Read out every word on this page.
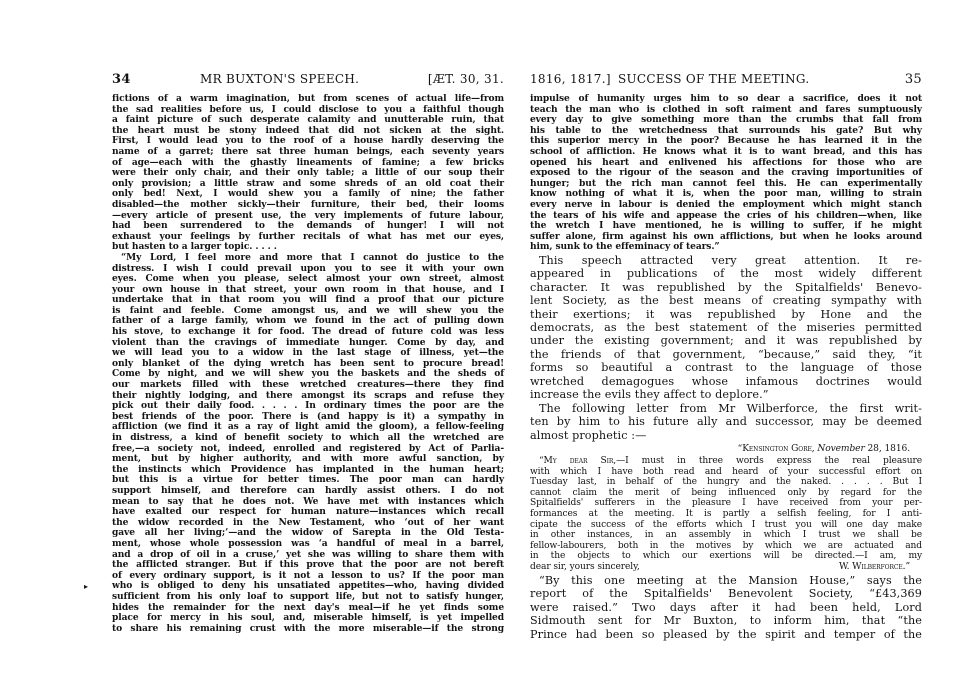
34	MR BUXTON'S SPEECH.	[ÆT. 30, 31.
fictions of a warm imagination, but from scenes of actual life—from
the sad realities before us, I could disclose to you a faithful though
a faint picture of such desperate calamity and unutterable ruin, that
the heart must be stony indeed that did not sicken at the sight.
First, I would lead you to the roof of a house hardly deserving the
name of a garret; there sat three human beings, each seventy years
of age—each with the ghastly lineaments of famine; a few bricks
were their only chair, and their only table; a little of our soup their
only provision; a little straw and some shreds of an old coat their
only bed! Next, I would shew you a family of nine; the father
disabled—the mother sickly—their furniture, their bed, their looms
—every article of present use, the very implements of future labour,
had been surrendered to the demands of hunger! I will not
exhaust your feelings by further recitals of what has met our eyes,
but hasten to a larger topic. . . . .
“My Lord, I feel more and more that I cannot do justice to the
distress. I wish I could prevail upon you to see it with your own
eyes. Come when you please, select almost your own street, almost
your own house in that street, your own room in that house, and I
undertake that in that room you will find a proof that our picture
is faint and feeble. Come amongst us, and we will shew you the
father of a large family, whom we found in the act of pulling down
his stove, to exchange it for food. The dread of future cold was less
violent than the cravings of immediate hunger. Come by day, and
we will lead you to a widow in the last stage of illness, yet—the
only blanket of the dying wretch has been sent to procure bread!
Come by night, and we will shew you the baskets and the sheds of
our markets filled with these wretched creatures—there they find
their nightly lodging, and there amongst its scraps and refuse they
pick out their daily food. . . . . In ordinary times the poor are the
best friends of the poor. There is (and happy is it) a sympathy in
affliction (we find it as a ray of light amid the gloom), a fellow-feeling
in distress, a kind of benefit society to which all the wretched are
free,—a society not, indeed, enrolled and registered by Act of Parlia-
ment, but by higher authority, and with more awful sanction, by
the instincts which Providence has implanted in the human heart;
but this is a virtue for better times. The poor man can hardly
support himself, and therefore can hardly assist others. I do not
mean to say that he does not. We have met with instances which
have exalted our respect for human nature—instances which recall
the widow recorded in the New Testament, who ‘out of her want
gave all her living;’—and the widow of Sarepta in the Old Testa-
ment, whose whole possession was ‘a handful of meal in a barrel,
and a drop of oil in a cruse,’ yet she was willing to share them with
the afflicted stranger. But if this prove that the poor are not bereft
of every ordinary support, is it not a lesson to us? If the poor man
who is obliged to deny his unsatiated appetites—who, having divided
sufficient from his only loaf to support life, but not to satisfy hunger,
hides the remainder for the next day's meal—if he yet finds some
place for mercy in his soul, and, miserable himself, is yet impelled
to share his remaining crust with the more miserable—if the strong
▸
1816, 1817.] SUCCESS OF THE MEETING.	35
impulse of humanity urges him to so dear a sacrifice, does it not
teach the man who is clothed in soft raiment and fares sumptuously
every day to give something more than the crumbs that fall from
his table to the wretchedness that surrounds his gate? But why
this superior mercy in the poor? Because he has learned it in the
school of affliction. He knows what it is to want bread, and this has
opened his heart and enlivened his affections for those who are
exposed to the rigour of the season and the craving importunities of
hunger; but the rich man cannot feel this. He can experimentally
know nothing of what it is, when the poor man, willing to strain
every nerve in labour is denied the employment which might stanch
the tears of his wife and appease the cries of his children—when, like
the wretch I have mentioned, he is willing to suffer, if he might
suffer alone, firm against his own afflictions, but when he looks around
him, sunk to the effeminacy of tears.”
This speech attracted very great attention. It re-
appeared in publications of the most widely different
character. It was republished by the Spitalfields' Benevo-
lent Society, as the best means of creating sympathy with
their exertions; it was republished by Hone and the
democrats, as the best statement of the miseries permitted
under the existing government; and it was republished by
the friends of that government, “because,” said they, “it
forms so beautiful a contrast to the language of those
wretched demagogues whose infamous doctrines would
increase the evils they affect to deplore.”
The following letter from Mr Wilberforce, the first writ-
ten by him to his future ally and successor, may be deemed
almost prophetic :—
“Kensington Gore, November 28, 1816.
“My dear Sir,—I must in three words express the real pleasure
with which I have both read and heard of your successful effort on
Tuesday last, in behalf of the hungry and the naked. . . . . But I
cannot claim the merit of being influenced only by regard for the
Spitalfields' sufferers in the pleasure I have received from your per-
formances at the meeting. It is partly a selfish feeling, for I anti-
cipate the success of the efforts which I trust you will one day make
in other instances, in an assembly in which I trust we shall be
fellow-labourers, both in the motives by which we are actuated and
in the objects to which our exertions will be directed.—I am, my
dear sir, yours sincerely,	W. Wilberforce.”
“By this one meeting at the Mansion House,” says the
report of the Spitalfields' Benevolent Society, “£43,369
were raised.” Two days after it had been held, Lord
Sidmouth sent for Mr Buxton, to inform him, that “the
Prince had been so pleased by the spirit and temper of the
